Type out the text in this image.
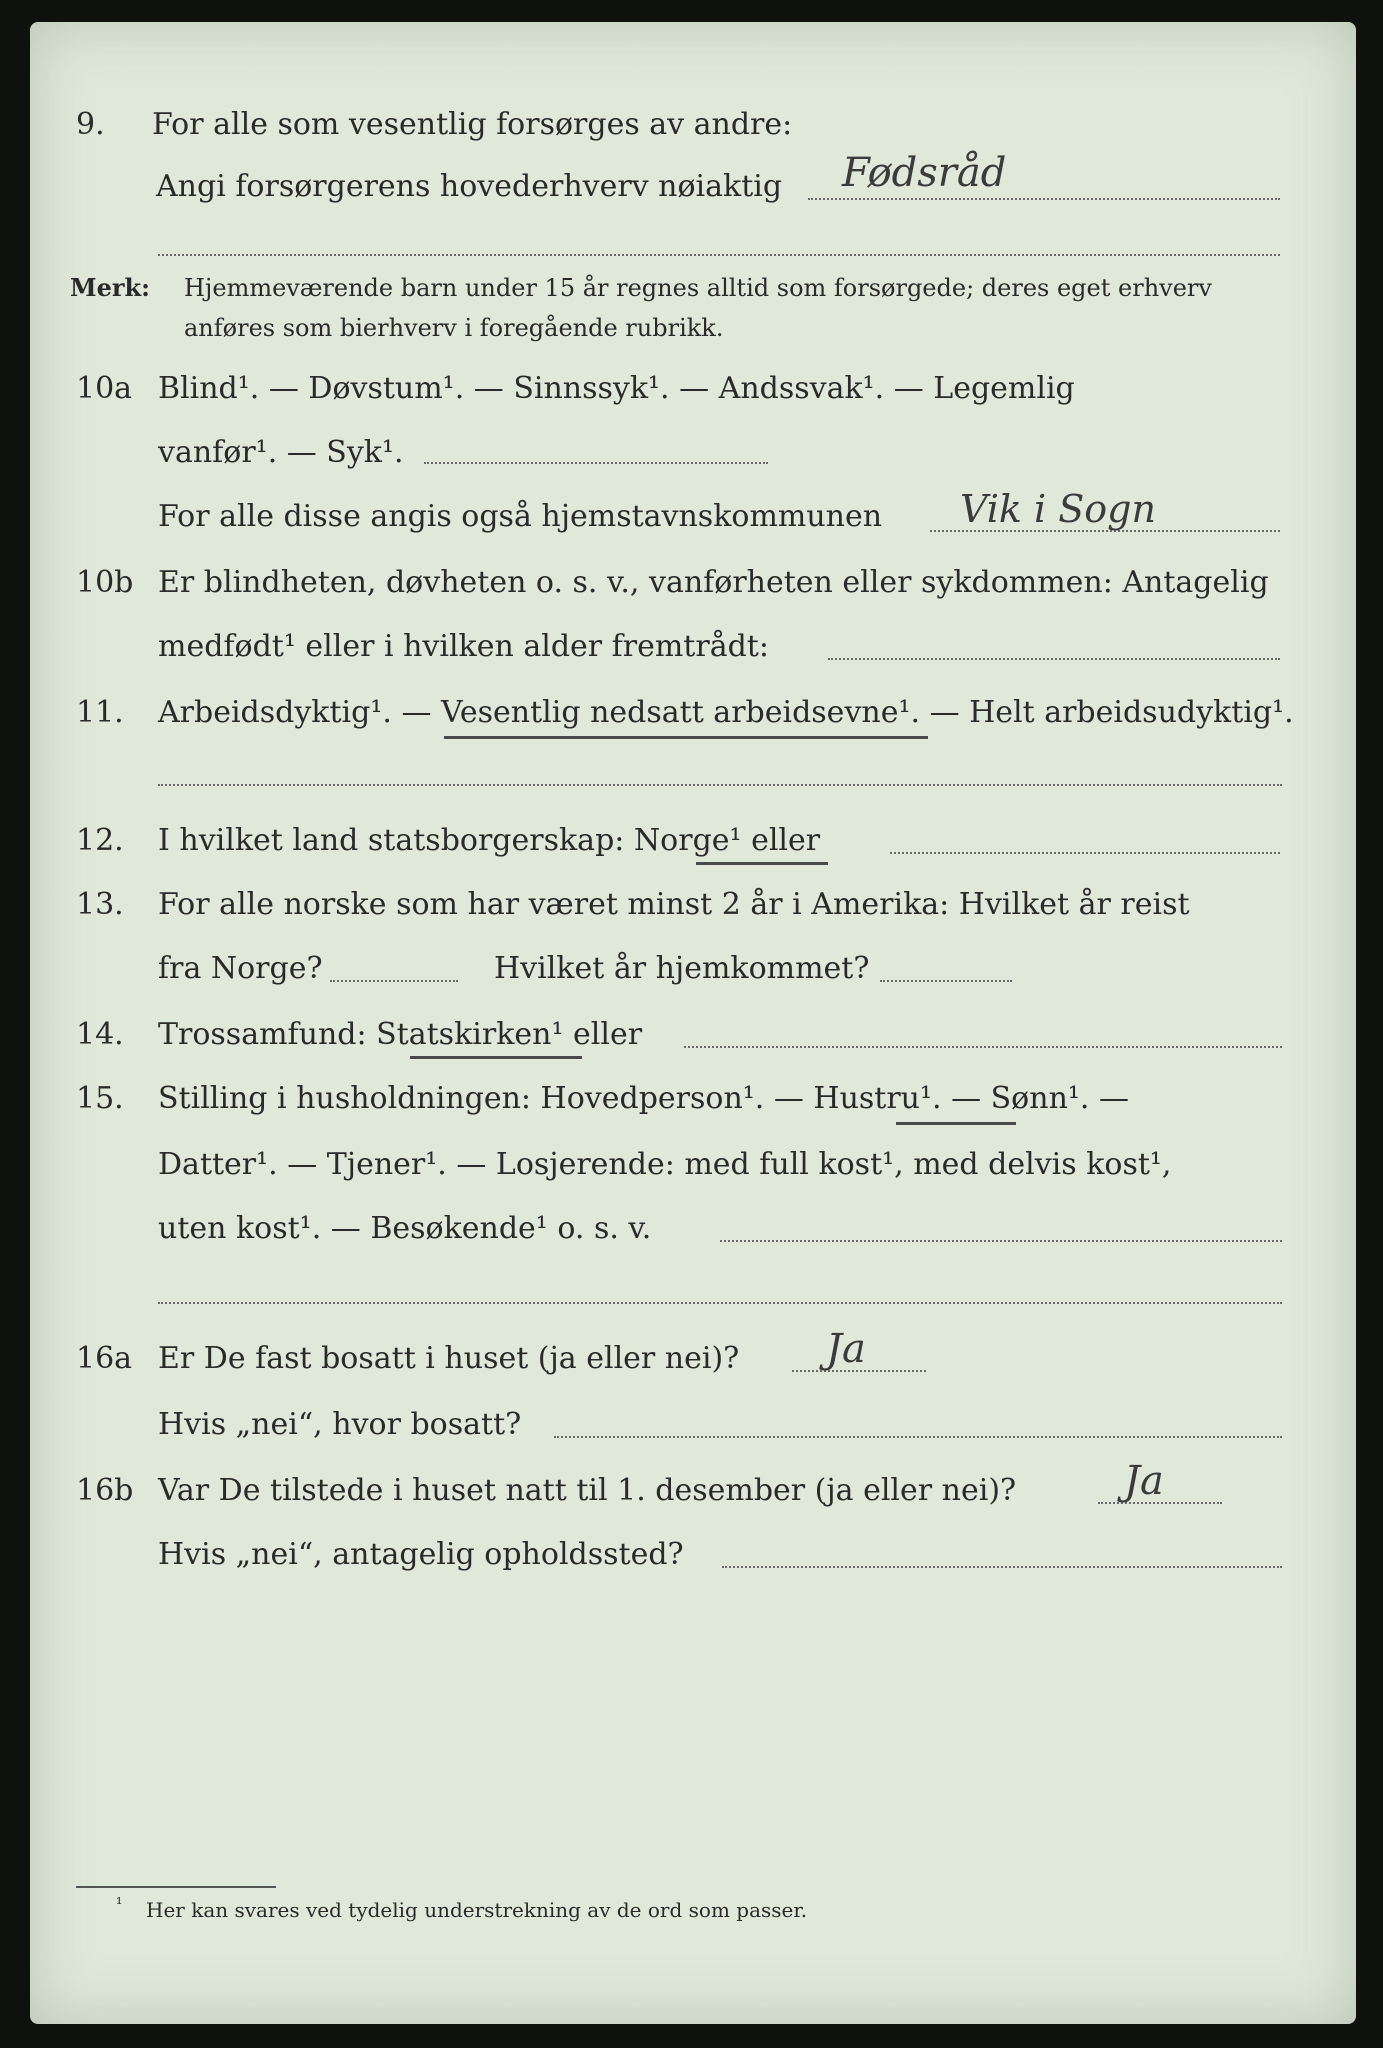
9. For alle som vesentlig forsørges av andre:
Angi forsørgerens hovederhverv nøiaktig Fødsråd
Merk: Hjemmeværende barn under 15 år regnes alltid som forsørgede; deres eget erhverv
anføres som bierhverv i foregående rubrikk.
10a Blind¹. — Døvstum¹. — Sinnssyk¹. — Andssvak¹. — Legemlig
vanfør¹. — Syk¹.
For alle disse angis også hjemstavnskommunen Vik i Sogn
10b Er blindheten, døvheten o. s. v., vanførheten eller sykdommen: Antagelig
medfødt¹ eller i hvilken alder fremtrådt:
11. Arbeidsdyktig¹. — Vesentlig nedsatt arbeidsevne¹. — Helt arbeidsudyktig¹.
12. I hvilket land statsborgerskap: Norge¹ eller
13. For alle norske som har været minst 2 år i Amerika: Hvilket år reist
fra Norge?	Hvilket år hjemkommet?
14. Trossamfund: Statskirken¹ eller
15. Stilling i husholdningen: Hovedperson¹. — Hustru¹. — Sønn¹. —
Datter¹. — Tjener¹. — Losjerende: med full kost¹, med delvis kost¹,
uten kost¹. — Besøkende¹ o. s. v.
16a Er De fast bosatt i huset (ja eller nei)? Ja
Hvis „nei“, hvor bosatt?
16b Var De tilstede i huset natt til 1. desember (ja eller nei)?	Ja
Hvis „nei“, antagelig opholdssted?
¹ Her kan svares ved tydelig understrekning av de ord som passer.
